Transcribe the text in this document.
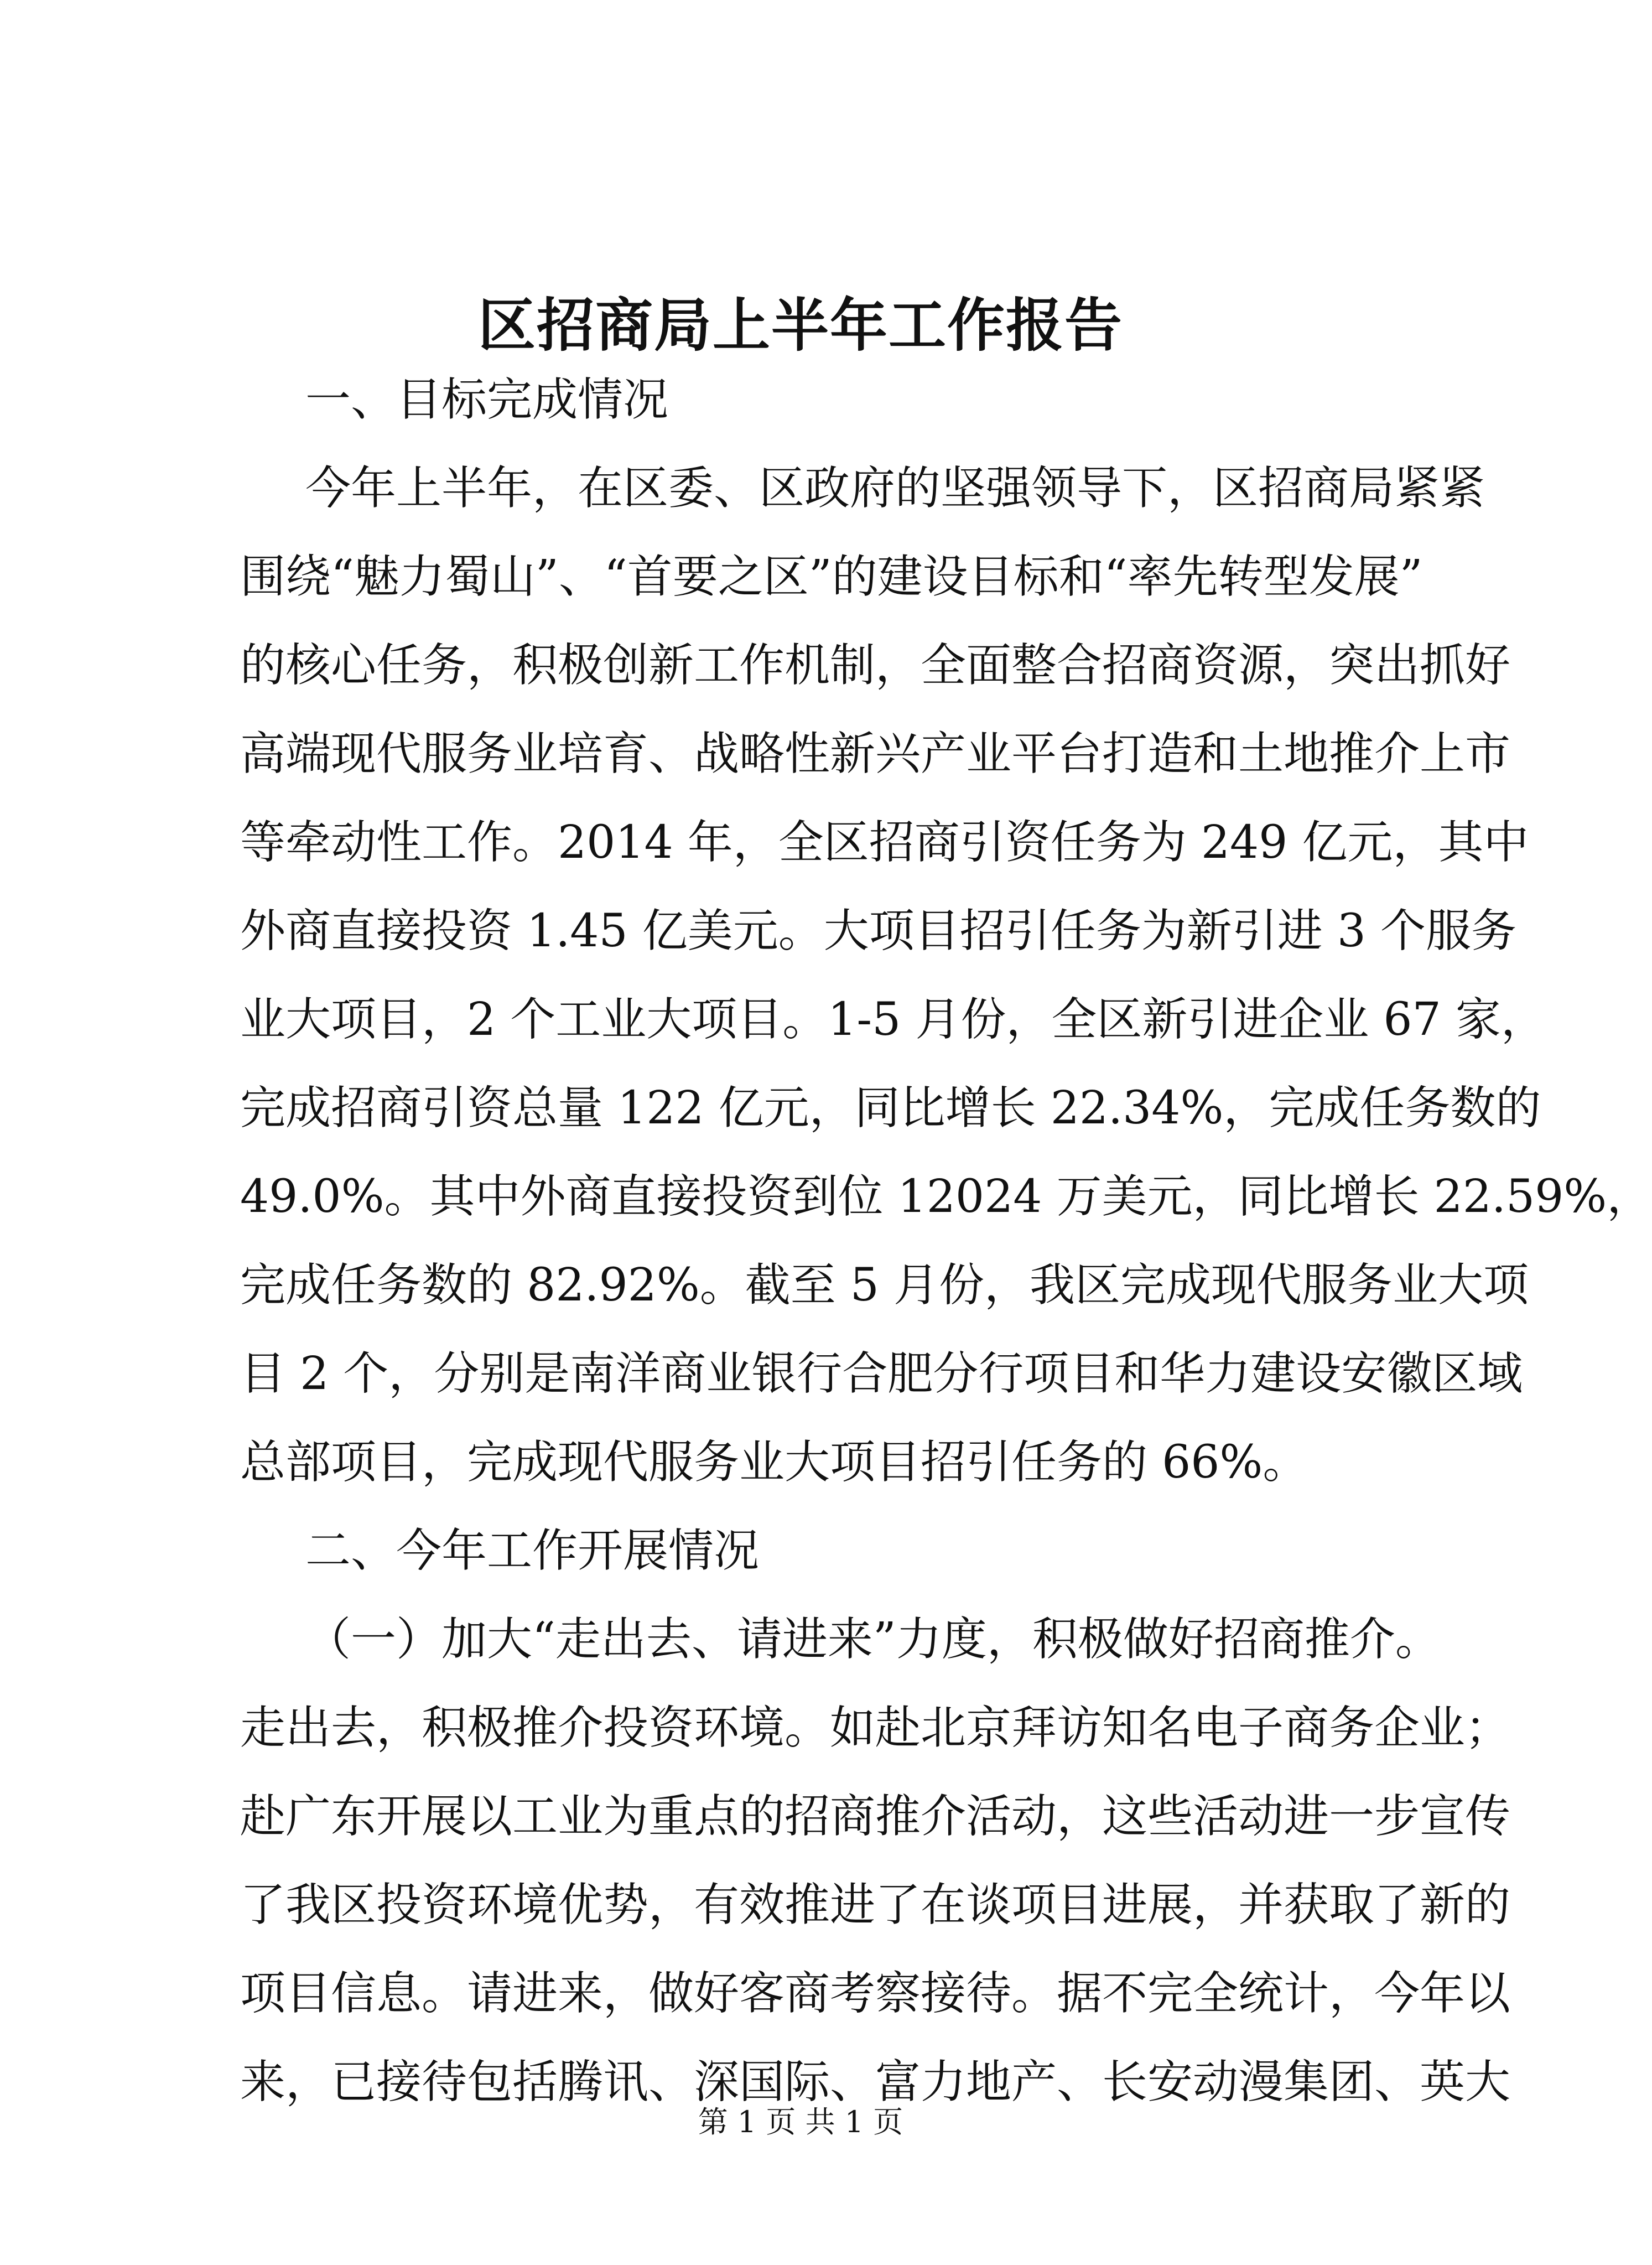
区招商局上半年工作报告
一、目标完成情况
今年上半年，在区委、区政府的坚强领导下，区招商局紧紧
围绕“魅力蜀山”、“首要之区”的建设目标和“率先转型发展”
的核心任务，积极创新工作机制，全面整合招商资源，突出抓好
高端现代服务业培育、战略性新兴产业平台打造和土地推介上市
等牵动性工作。2014 年，全区招商引资任务为 249 亿元，其中
外商直接投资 1.45 亿美元。大项目招引任务为新引进 3 个服务
业大项目，2 个工业大项目。1-5 月份，全区新引进企业 67 家，
完成招商引资总量 122 亿元，同比增长 22.34%，完成任务数的
49.0%。其中外商直接投资到位 12024 万美元，同比增长 22.59%，
完成任务数的 82.92%。截至 5 月份，我区完成现代服务业大项
目 2 个，分别是南洋商业银行合肥分行项目和华力建设安徽区域
总部项目，完成现代服务业大项目招引任务的 66%。
二、今年工作开展情况
（一）加大“走出去、请进来”力度，积极做好招商推介。
走出去，积极推介投资环境。如赴北京拜访知名电子商务企业；
赴广东开展以工业为重点的招商推介活动，这些活动进一步宣传
了我区投资环境优势，有效推进了在谈项目进展，并获取了新的
项目信息。请进来，做好客商考察接待。据不完全统计，今年以
来，已接待包括腾讯、深国际、富力地产、长安动漫集团、英大
第 1 页 共 1 页
